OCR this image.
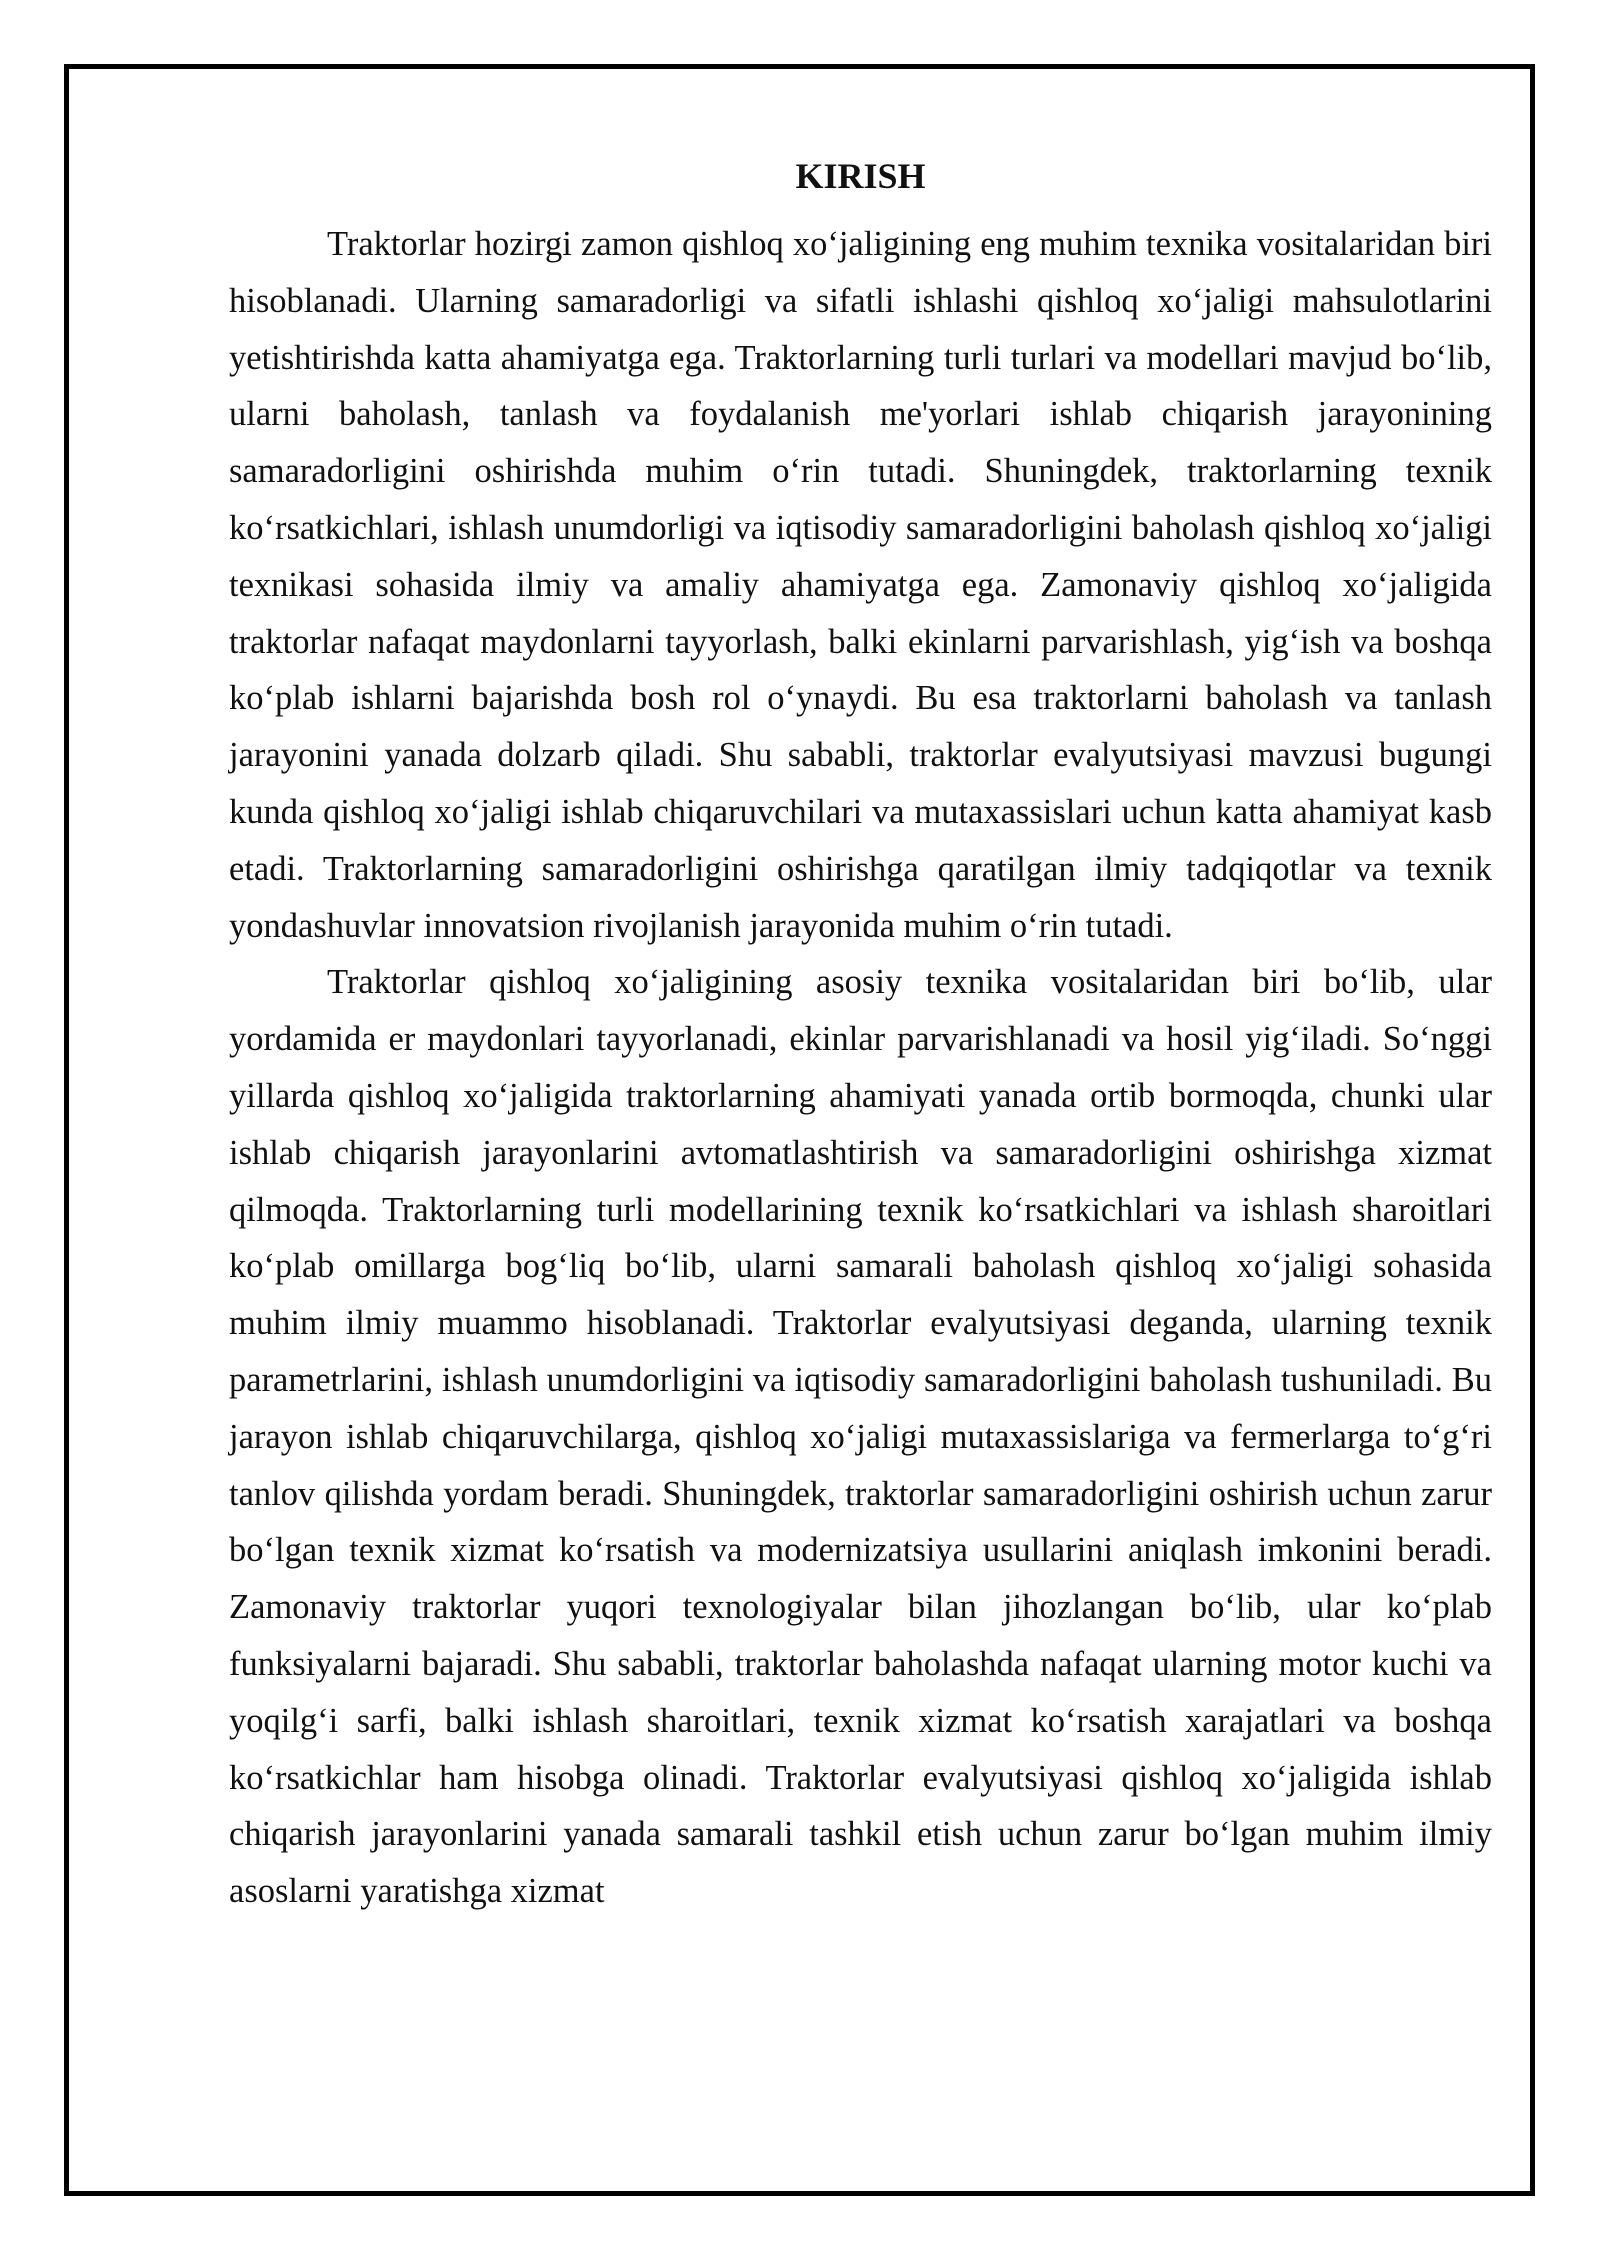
KIRISH

Traktorlar hozirgi zamon qishloq xo‘jaligining eng muhim texnika vositalaridan biri hisoblanadi. Ularning samaradorligi va sifatli ishlashi qishloq xo‘jaligi mahsulotlarini yetishtirishda katta ahamiyatga ega. Traktorlarning turli turlari va modellari mavjud bo‘lib, ularni baholash, tanlash va foydalanish me'yorlari ishlab chiqarish jarayonining samaradorligini oshirishda muhim o‘rin tutadi. Shuningdek, traktorlarning texnik ko‘rsatkichlari, ishlash unumdorligi va iqtisodiy samaradorligini baholash qishloq xo‘jaligi texnikasi sohasida ilmiy va amaliy ahamiyatga ega. Zamonaviy qishloq xo‘jaligida traktorlar nafaqat maydonlarni tayyorlash, balki ekinlarni parvarishlash, yig‘ish va boshqa ko‘plab ishlarni bajarishda bosh rol o‘ynaydi. Bu esa traktorlarni baholash va tanlash jarayonini yanada dolzarb qiladi. Shu sababli, traktorlar evalyutsiyasi mavzusi bugungi kunda qishloq xo‘jaligi ishlab chiqaruvchilari va mutaxassislari uchun katta ahamiyat kasb etadi. Traktorlarning samaradorligini oshirishga qaratilgan ilmiy tadqiqotlar va texnik yondashuvlar innovatsion rivojlanish jarayonida muhim o‘rin tutadi.

Traktorlar qishloq xo‘jaligining asosiy texnika vositalaridan biri bo‘lib, ular yordamida er maydonlari tayyorlanadi, ekinlar parvarishlanadi va hosil yig‘iladi. So‘nggi yillarda qishloq xo‘jaligida traktorlarning ahamiyati yanada ortib bormoqda, chunki ular ishlab chiqarish jarayonlarini avtomatlashtirish va samaradorligini oshirishga xizmat qilmoqda. Traktorlarning turli modellarining texnik ko‘rsatkichlari va ishlash sharoitlari ko‘plab omillarga bog‘liq bo‘lib, ularni samarali baholash qishloq xo‘jaligi sohasida muhim ilmiy muammo hisoblanadi. Traktorlar evalyutsiyasi deganda, ularning texnik parametrlarini, ishlash unumdorligini va iqtisodiy samaradorligini baholash tushuniladi. Bu jarayon ishlab chiqaruvchilarga, qishloq xo‘jaligi mutaxassislariga va fermerlarga to‘g‘ri tanlov qilishda yordam beradi. Shuningdek, traktorlar samaradorligini oshirish uchun zarur bo‘lgan texnik xizmat ko‘rsatish va modernizatsiya usullarini aniqlash imkonini beradi. Zamonaviy traktorlar yuqori texnologiyalar bilan jihozlangan bo‘lib, ular ko‘plab funksiyalarni bajaradi. Shu sababli, traktorlar baholashda nafaqat ularning motor kuchi va yoqilg‘i sarfi, balki ishlash sharoitlari, texnik xizmat ko‘rsatish xarajatlari va boshqa ko‘rsatkichlar ham hisobga olinadi. Traktorlar evalyutsiyasi qishloq xo‘jaligida ishlab chiqarish jarayonlarini yanada samarali tashkil etish uchun zarur bo‘lgan muhim ilmiy asoslarni yaratishga xizmat
